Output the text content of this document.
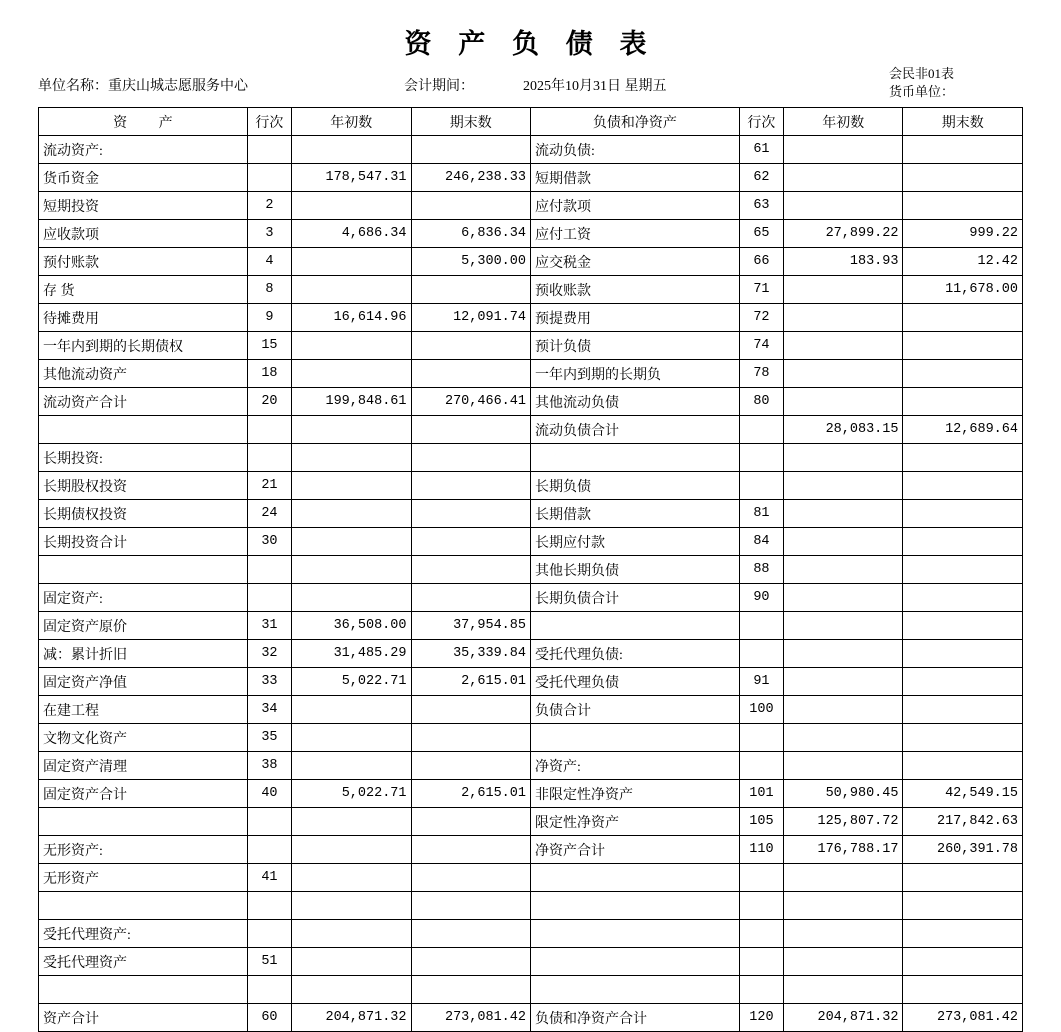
资 产 负 债 表
单位名称：重庆山城志愿服务中心	会计期间：	2025年10月31日 星期五
会民非01表
货币单位：
资 产	行次	年初数	期末数	负债和净资产	行次	年初数	期末数
流动资产:				流动负债:	61		
货币资金		178,547.31	246,238.33	短期借款	62		
短期投资	2			应付款项	63		
应收款项	3	4,686.34	6,836.34	应付工资	65	27,899.22	999.22
预付账款	4		5,300.00	应交税金	66	183.93	12.42
存 货	8			预收账款	71		11,678.00
待摊费用	9	16,614.96	12,091.74	预提费用	72		
一年内到期的长期债权	15			预计负债	74		
其他流动资产	18			一年内到期的长期负	78		
流动资产合计	20	199,848.61	270,466.41	其他流动负债	80		
				流动负债合计		28,083.15	12,689.64
长期投资:							
长期股权投资	21			长期负债			
长期债权投资	24			长期借款	81		
长期投资合计	30			长期应付款	84		
				其他长期负债	88		
固定资产:				长期负债合计	90		
固定资产原价	31	36,508.00	37,954.85				
减：累计折旧	32	31,485.29	35,339.84	受托代理负债:			
固定资产净值	33	5,022.71	2,615.01	受托代理负债	91		
在建工程	34			负债合计	100		
文物文化资产	35						
固定资产清理	38			净资产:			
固定资产合计	40	5,022.71	2,615.01	非限定性净资产	101	50,980.45	42,549.15
				限定性净资产	105	125,807.72	217,842.63
无形资产:				净资产合计	110	176,788.17	260,391.78
无形资产	41						

受托代理资产:							
受托代理资产	51						

资产合计	60	204,871.32	273,081.42	负债和净资产合计	120	204,871.32	273,081.42
